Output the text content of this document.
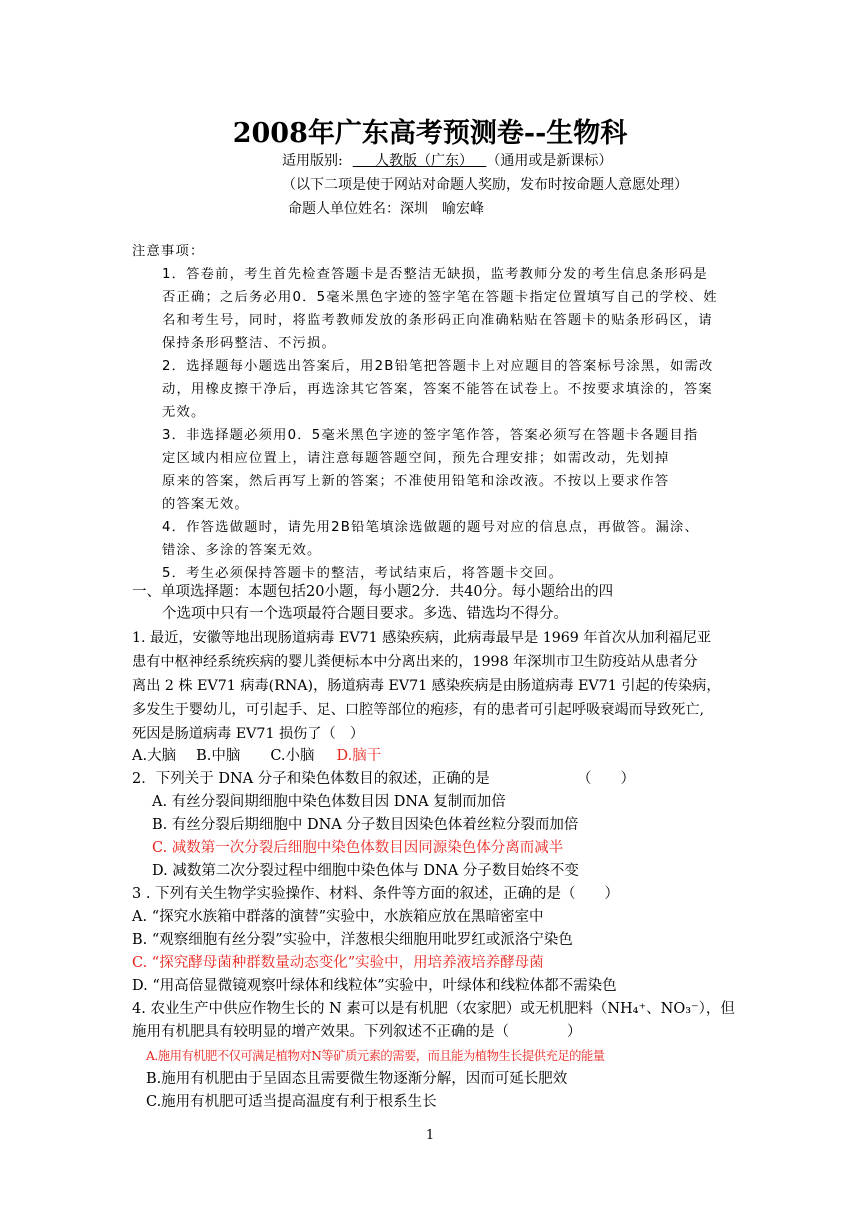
2008年广东高考预测卷--生物科
适用版别: 人教版（广东） （通用或是新课标）
（以下二项是使于网站对命题人奖励，发布时按命题人意愿处理）
命题人单位姓名：深圳　喻宏峰
注意事项：
1．答卷前，考生首先检查答题卡是否整洁无缺损，监考教师分发的考生信息条形码是
否正确；之后务必用0．5毫米黑色字迹的签字笔在答题卡指定位置填写自己的学校、姓
名和考生号，同时，将监考教师发放的条形码正向准确粘贴在答题卡的贴条形码区，请
保持条形码整洁、不污损。
2．选择题每小题选出答案后，用2B铅笔把答题卡上对应题目的答案标号涂黑，如需改
动，用橡皮擦干净后，再选涂其它答案，答案不能答在试卷上。不按要求填涂的，答案
无效。
3．非选择题必须用0．5毫米黑色字迹的签字笔作答，答案必须写在答题卡各题目指
定区域内相应位置上，请注意每题答题空间，预先合理安排；如需改动，先划掉
原来的答案，然后再写上新的答案；不准使用铅笔和涂改液。不按以上要求作答
的答案无效。
4．作答选做题时，请先用2B铅笔填涂选做题的题号对应的信息点，再做答。漏涂、
错涂、多涂的答案无效。
5．考生必须保持答题卡的整洁，考试结束后，将答题卡交回。
一、单项选择题：本题包括20小题，每小题2分．共40分。每小题给出的四
个选项中只有一个选项最符合题目要求。多选、错选均不得分。
1. 最近，安徽等地出现肠道病毒 EV71 感染疾病，此病毒最早是 1969 年首次从加利福尼亚
患有中枢神经系统疾病的婴儿粪便标本中分离出来的，1998 年深圳市卫生防疫站从患者分
离出 2 株 EV71 病毒(RNA)，肠道病毒 EV71 感染疾病是由肠道病毒 EV71 引起的传染病，
多发生于婴幼儿，可引起手、足、口腔等部位的疱疹，有的患者可引起呼吸衰竭而导致死亡,
死因是肠道病毒 EV71 损伤了（　）
A.大脑 B.中脑 C.小脑 D.脑干
2．下列关于 DNA 分子和染色体数目的叙述，正确的是	（　　）
A. 有丝分裂间期细胞中染色体数目因 DNA 复制而加倍
B. 有丝分裂后期细胞中 DNA 分子数目因染色体着丝粒分裂而加倍
C. 减数第一次分裂后细胞中染色体数目因同源染色体分离而减半
D. 减数第二次分裂过程中细胞中染色体与 DNA 分子数目始终不变
3 . 下列有关生物学实验操作、材料、条件等方面的叙述，正确的是（　　）
A. “探究水族箱中群落的演替”实验中，水族箱应放在黑暗密室中
B. “观察细胞有丝分裂”实验中，洋葱根尖细胞用吡罗红或派洛宁染色
C. “探究酵母菌种群数量动态变化”实验中，用培养液培养酵母菌
D. “用高倍显微镜观察叶绿体和线粒体”实验中，叶绿体和线粒体都不需染色
4. 农业生产中供应作物生长的 N 素可以是有机肥（农家肥）或无机肥料（NH₄⁺、NO₃⁻），但
施用有机肥具有较明显的增产效果。下列叙述不正确的是（　　　　）
A.施用有机肥不仅可满足植物对N等矿质元素的需要，而且能为植物生长提供充足的能量
B.施用有机肥由于呈固态且需要微生物逐渐分解，因而可延长肥效
C.施用有机肥可适当提高温度有利于根系生长
1
